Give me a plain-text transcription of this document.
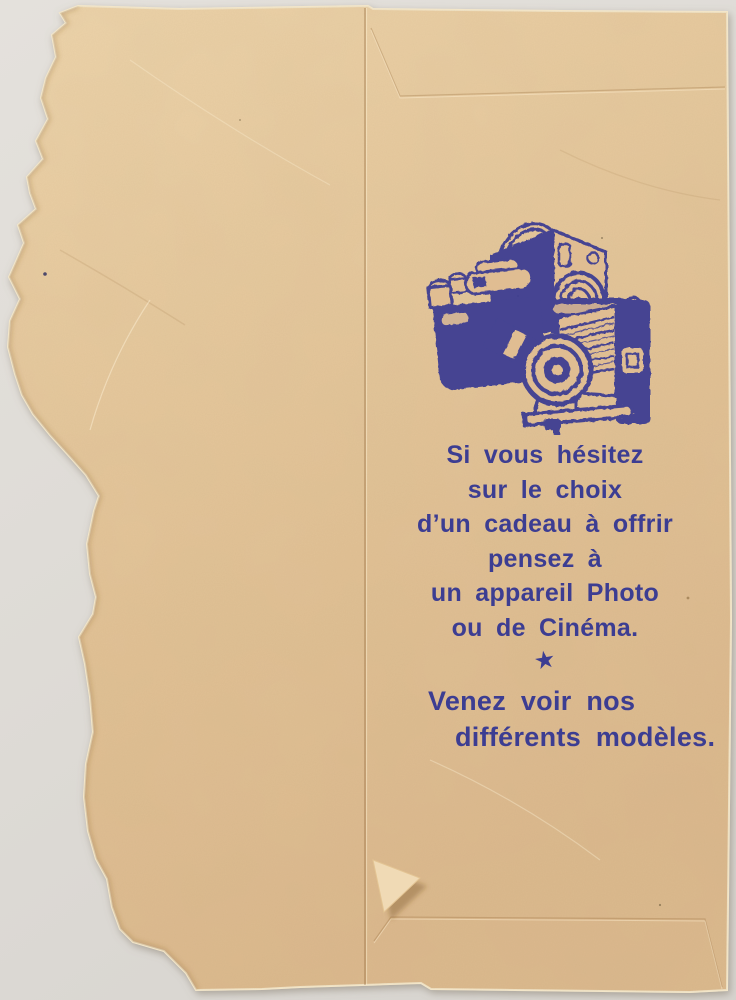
Si vous hésitez
sur le choix
d’un cadeau à offrir
pensez à
un appareil Photo
ou de Cinéma.
★
Venez voir nos
différents modèles.
